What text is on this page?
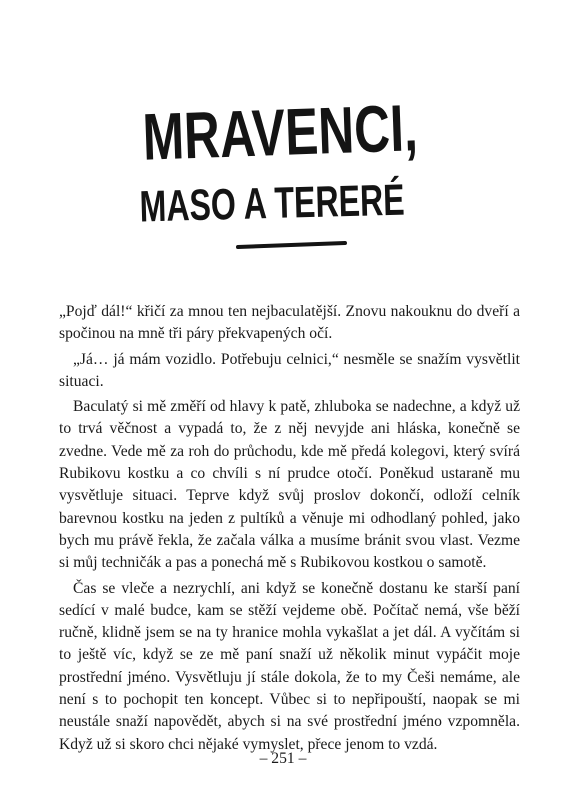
MRAVENCI,
MASO A TERERÉ

„Pojď dál!“ křičí za mnou ten nejbaculatější. Znovu nakouknu do dveří a spočinou na mně tři páry překvapených očí.

„Já… já mám vozidlo. Potřebuju celnici,“ nesměle se snažím vysvětlit situaci.

Baculatý si mě změří od hlavy k patě, zhluboka se nadechne, a když už to trvá věčnost a vypadá to, že z něj nevyjde ani hláska, konečně se zvedne. Vede mě za roh do průchodu, kde mě předá kolegovi, který svírá Rubikovu kostku a co chvíli s ní prudce otočí. Poněkud ustaraně mu vysvětluje situaci. Teprve když svůj proslov dokončí, odloží celník barevnou kostku na jeden z pultíků a věnuje mi odhodlaný pohled, jako bych mu právě řekla, že začala válka a musíme bránit svou vlast. Vezme si můj techničák a pas a ponechá mě s Rubikovou kostkou o samotě.

Čas se vleče a nezrychlí, ani když se konečně dostanu ke starší paní sedící v malé budce, kam se stěží vejdeme obě. Počítač nemá, vše běží ručně, klidně jsem se na ty hranice mohla vykašlat a jet dál. A vyčítám si to ještě víc, když se ze mě paní snaží už několik minut vypáčit moje prostřední jméno. Vysvětluju jí stále dokola, že to my Češi nemáme, ale není s to pochopit ten koncept. Vůbec si to nepřipouští, naopak se mi neustále snaží napovědět, abych si na své prostřední jméno vzpomněla. Když už si skoro chci nějaké vymyslet, přece jenom to vzdá.

– 251 –
